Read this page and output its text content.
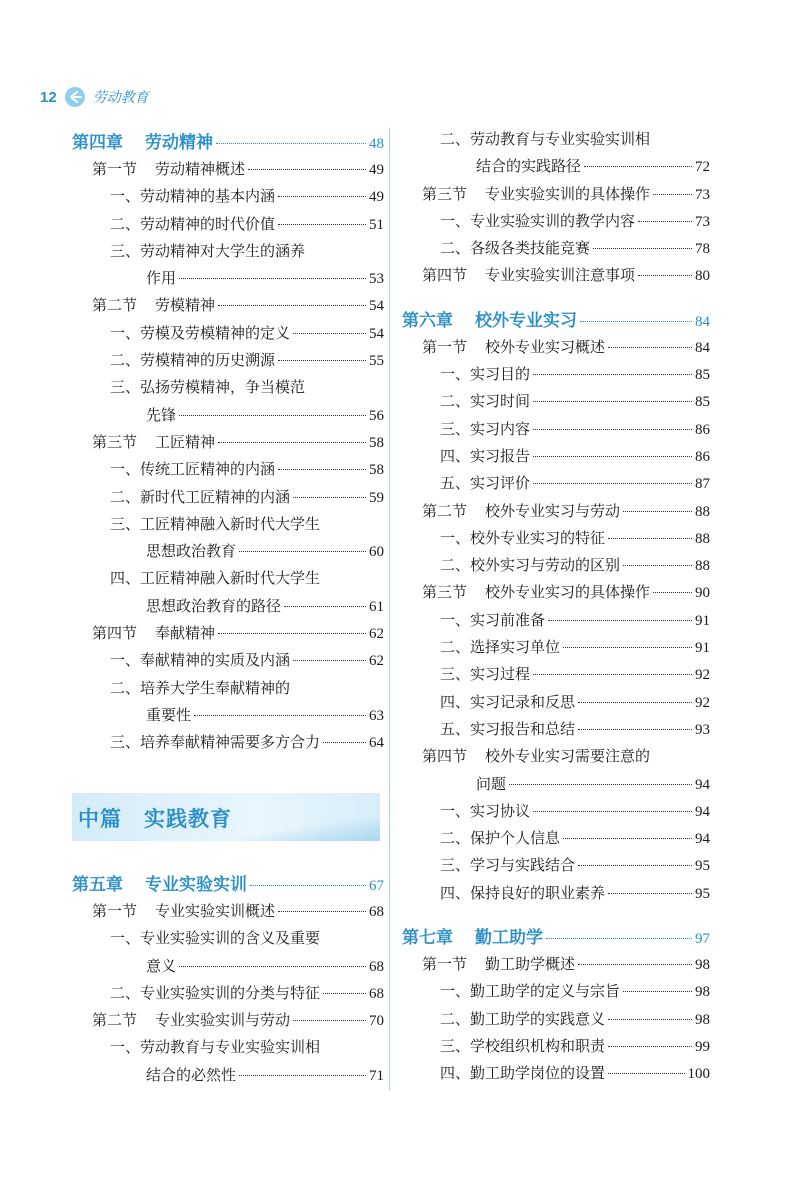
12	劳动教育
第四章 劳动精神	48
第一节 劳动精神概述	49
一、劳动精神的基本内涵	49
二、劳动精神的时代价值	51
三、劳动精神对大学生的涵养
作用	53
第二节 劳模精神	54
一、劳模及劳模精神的定义	54
二、劳模精神的历史溯源	55
三、弘扬劳模精神，争当模范
先锋	56
第三节 工匠精神	58
一、传统工匠精神的内涵	58
二、新时代工匠精神的内涵	59
三、工匠精神融入新时代大学生
思想政治教育	60
四、工匠精神融入新时代大学生
思想政治教育的路径	61
第四节 奉献精神	62
一、奉献精神的实质及内涵	62
二、培养大学生奉献精神的
重要性	63
三、培养奉献精神需要多方合力	64
中篇　实践教育
第五章 专业实验实训	67
第一节 专业实验实训概述	68
一、专业实验实训的含义及重要
意义	68
二、专业实验实训的分类与特征	68
第二节 专业实验实训与劳动	70
一、劳动教育与专业实验实训相
结合的必然性	71
二、劳动教育与专业实验实训相
结合的实践路径	72
第三节 专业实验实训的具体操作	73
一、专业实验实训的教学内容	73
二、各级各类技能竞赛	78
第四节 专业实验实训注意事项	80
第六章 校外专业实习	84
第一节 校外专业实习概述	84
一、实习目的	85
二、实习时间	85
三、实习内容	86
四、实习报告	86
五、实习评价	87
第二节 校外专业实习与劳动	88
一、校外专业实习的特征	88
二、校外实习与劳动的区别	88
第三节 校外专业实习的具体操作	90
一、实习前准备	91
二、选择实习单位	91
三、实习过程	92
四、实习记录和反思	92
五、实习报告和总结	93
第四节 校外专业实习需要注意的
问题	94
一、实习协议	94
二、保护个人信息	94
三、学习与实践结合	95
四、保持良好的职业素养	95
第七章 勤工助学	97
第一节 勤工助学概述	98
一、勤工助学的定义与宗旨	98
二、勤工助学的实践意义	98
三、学校组织机构和职责	99
四、勤工助学岗位的设置	100
